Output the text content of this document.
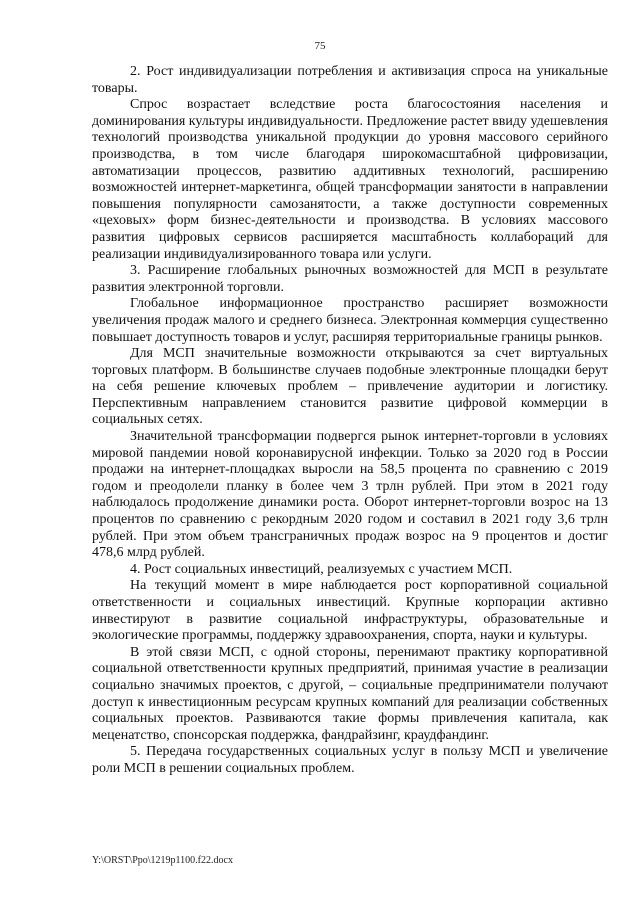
75

2. Рост индивидуализации потребления и активизация спроса на уникальные товары.

Спрос возрастает вследствие роста благосостояния населения и доминирования культуры индивидуальности. Предложение растет ввиду удешевления технологий производства уникальной продукции до уровня массового серийного производства, в том числе благодаря широкомасштабной цифровизации, автоматизации процессов, развитию аддитивных технологий, расширению возможностей интернет-маркетинга, общей трансформации занятости в направлении повышения популярности самозанятости, а также доступности современных «цеховых» форм бизнес-деятельности и производства. В условиях массового развития цифровых сервисов расширяется масштабность коллабораций для реализации индивидуализированного товара или услуги.

3. Расширение глобальных рыночных возможностей для МСП в результате развития электронной торговли.

Глобальное информационное пространство расширяет возможности увеличения продаж малого и среднего бизнеса. Электронная коммерция существенно повышает доступность товаров и услуг, расширяя территориальные границы рынков.

Для МСП значительные возможности открываются за счет виртуальных торговых платформ. В большинстве случаев подобные электронные площадки берут на себя решение ключевых проблем – привлечение аудитории и логистику. Перспективным направлением становится развитие цифровой коммерции в социальных сетях.

Значительной трансформации подвергся рынок интернет-торговли в условиях мировой пандемии новой коронавирусной инфекции. Только за 2020 год в России продажи на интернет-площадках выросли на 58,5 процента по сравнению с 2019 годом и преодолели планку в более чем 3 трлн рублей. При этом в 2021 году наблюдалось продолжение динамики роста. Оборот интернет-торговли возрос на 13 процентов по сравнению с рекордным 2020 годом и составил в 2021 году 3,6 трлн рублей. При этом объем трансграничных продаж возрос на 9 процентов и достиг 478,6 млрд рублей.

4. Рост социальных инвестиций, реализуемых с участием МСП.

На текущий момент в мире наблюдается рост корпоративной социальной ответственности и социальных инвестиций. Крупные корпорации активно инвестируют в развитие социальной инфраструктуры, образовательные и экологические программы, поддержку здравоохранения, спорта, науки и культуры.

В этой связи МСП, с одной стороны, перенимают практику корпоративной социальной ответственности крупных предприятий, принимая участие в реализации социально значимых проектов, с другой, – социальные предприниматели получают доступ к инвестиционным ресурсам крупных компаний для реализации собственных социальных проектов. Развиваются такие формы привлечения капитала, как меценатство, спонсорская поддержка, фандрайзинг, краудфандинг.

5. Передача государственных социальных услуг в пользу МСП и увеличение роли МСП в решении социальных проблем.

Y:\ORST\Ppo\1219p1100.f22.docx
